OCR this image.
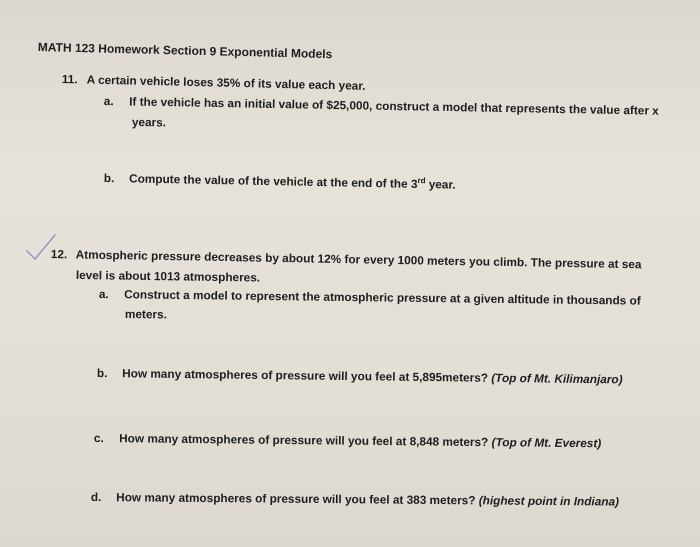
MATH 123 Homework Section 9 Exponential Models
11. A certain vehicle loses 35% of its value each year.
a. If the vehicle has an initial value of $25,000, construct a model that represents the value after x
years.
b. Compute the value of the vehicle at the end of the 3rd year.
12. Atmospheric pressure decreases by about 12% for every 1000 meters you climb. The pressure at sea
level is about 1013 atmospheres.
a. Construct a model to represent the atmospheric pressure at a given altitude in thousands of
meters.
b. How many atmospheres of pressure will you feel at 5,895meters? (Top of Mt. Kilimanjaro)
c. How many atmospheres of pressure will you feel at 8,848 meters? (Top of Mt. Everest)
d. How many atmospheres of pressure will you feel at 383 meters? (highest point in Indiana)
